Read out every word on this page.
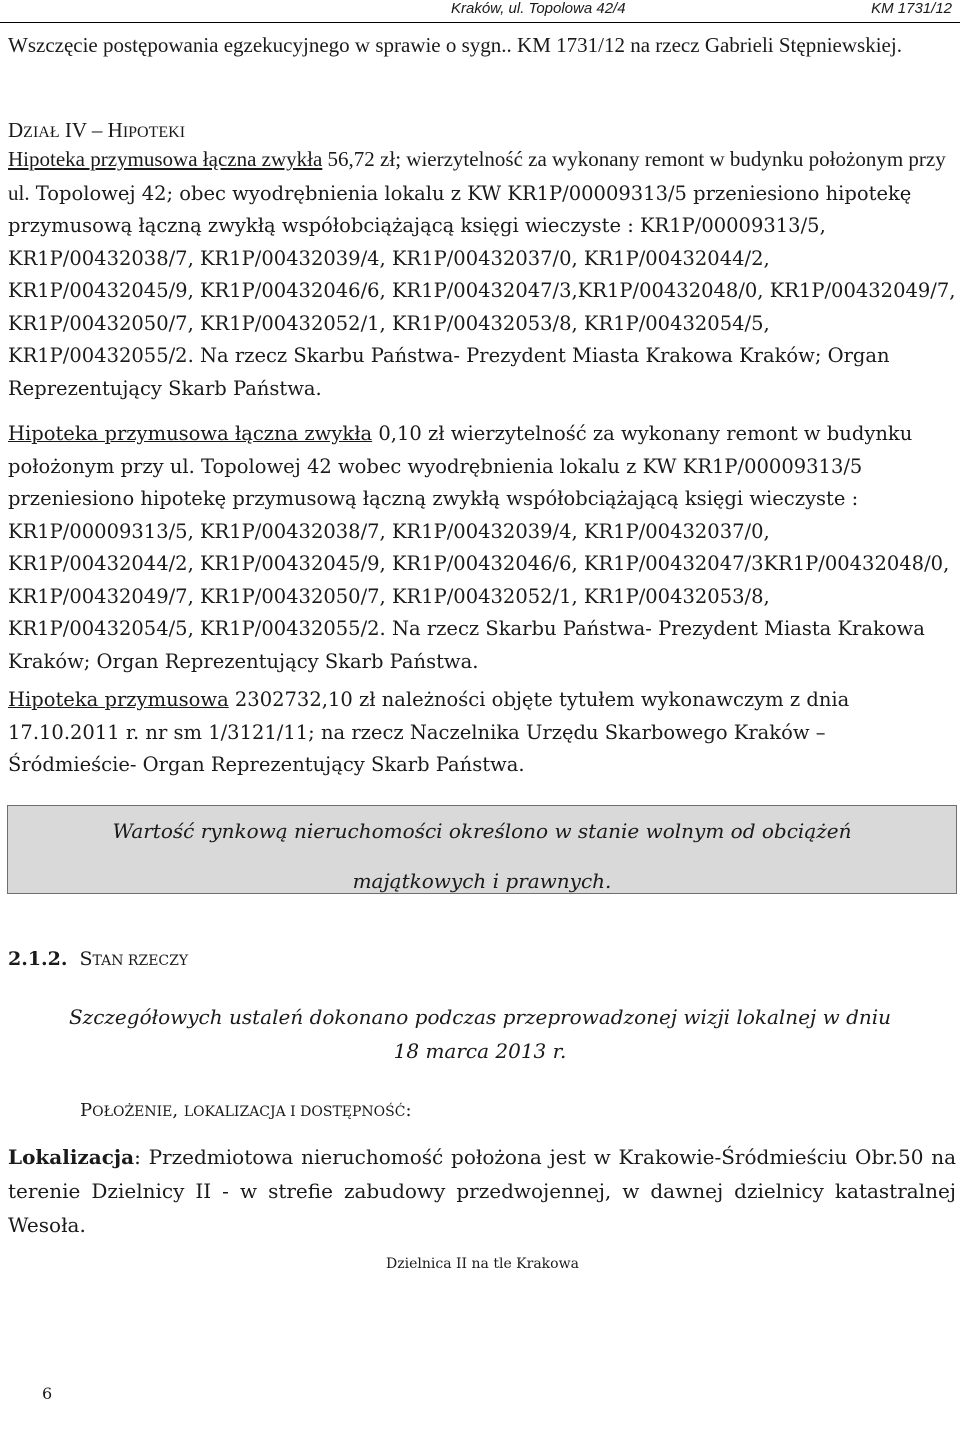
Kraków, ul. Topolowa 42/4	KM 1731/12
Wszczęcie postępowania egzekucyjnego w sprawie o sygn.. KM 1731/12 na rzecz Gabrieli Stępniewskiej.
DZIAŁ IV – HIPOTEKI
Hipoteka przymusowa łączna zwykła 56,72 zł; wierzytelność za wykonany remont w budynku położonym przy ul. Topolowej 42; obec wyodrębnienia lokalu z KW KR1P/00009313/5 przeniesiono hipotekę przymusową łączną zwykłą współobciążającą księgi wieczyste : KR1P/00009313/5, KR1P/00432038/7, KR1P/00432039/4, KR1P/00432037/0, KR1P/00432044/2, KR1P/00432045/9, KR1P/00432046/6, KR1P/00432047/3,KR1P/00432048/0, KR1P/00432049/7, KR1P/00432050/7, KR1P/00432052/1, KR1P/00432053/8, KR1P/00432054/5, KR1P/00432055/2. Na rzecz Skarbu Państwa- Prezydent Miasta Krakowa Kraków; Organ Reprezentujący Skarb Państwa.
Hipoteka przymusowa łączna zwykła 0,10 zł wierzytelność za wykonany remont w budynku położonym przy ul. Topolowej 42 wobec wyodrębnienia lokalu z KW KR1P/00009313/5 przeniesiono hipotekę przymusową łączną zwykłą współobciążającą księgi wieczyste : KR1P/00009313/5, KR1P/00432038/7, KR1P/00432039/4, KR1P/00432037/0, KR1P/00432044/2, KR1P/00432045/9, KR1P/00432046/6, KR1P/00432047/3KR1P/00432048/0, KR1P/00432049/7, KR1P/00432050/7, KR1P/00432052/1, KR1P/00432053/8, KR1P/00432054/5, KR1P/00432055/2. Na rzecz Skarbu Państwa- Prezydent Miasta Krakowa Kraków; Organ Reprezentujący Skarb Państwa.
Hipoteka przymusowa 2302732,10 zł należności objęte tytułem wykonawczym z dnia 17.10.2011 r. nr sm 1/3121/11; na rzecz Naczelnika Urzędu Skarbowego Kraków – Śródmieście- Organ Reprezentujący Skarb Państwa.
Wartość rynkową nieruchomości określono w stanie wolnym od obciążeń
majątkowych i prawnych.
2.1.2. STAN RZECZY
Szczegółowych ustaleń dokonano podczas przeprowadzonej wizji lokalnej w dniu
18 marca 2013 r.
POŁOŻENIE, LOKALIZACJA I DOSTĘPNOŚĆ:
Lokalizacja: Przedmiotowa nieruchomość położona jest w Krakowie-Śródmieściu Obr.50 na terenie Dzielnicy II - w strefie zabudowy przedwojennej, w dawnej dzielnicy katastralnej Wesoła.
Dzielnica II na tle Krakowa
6
